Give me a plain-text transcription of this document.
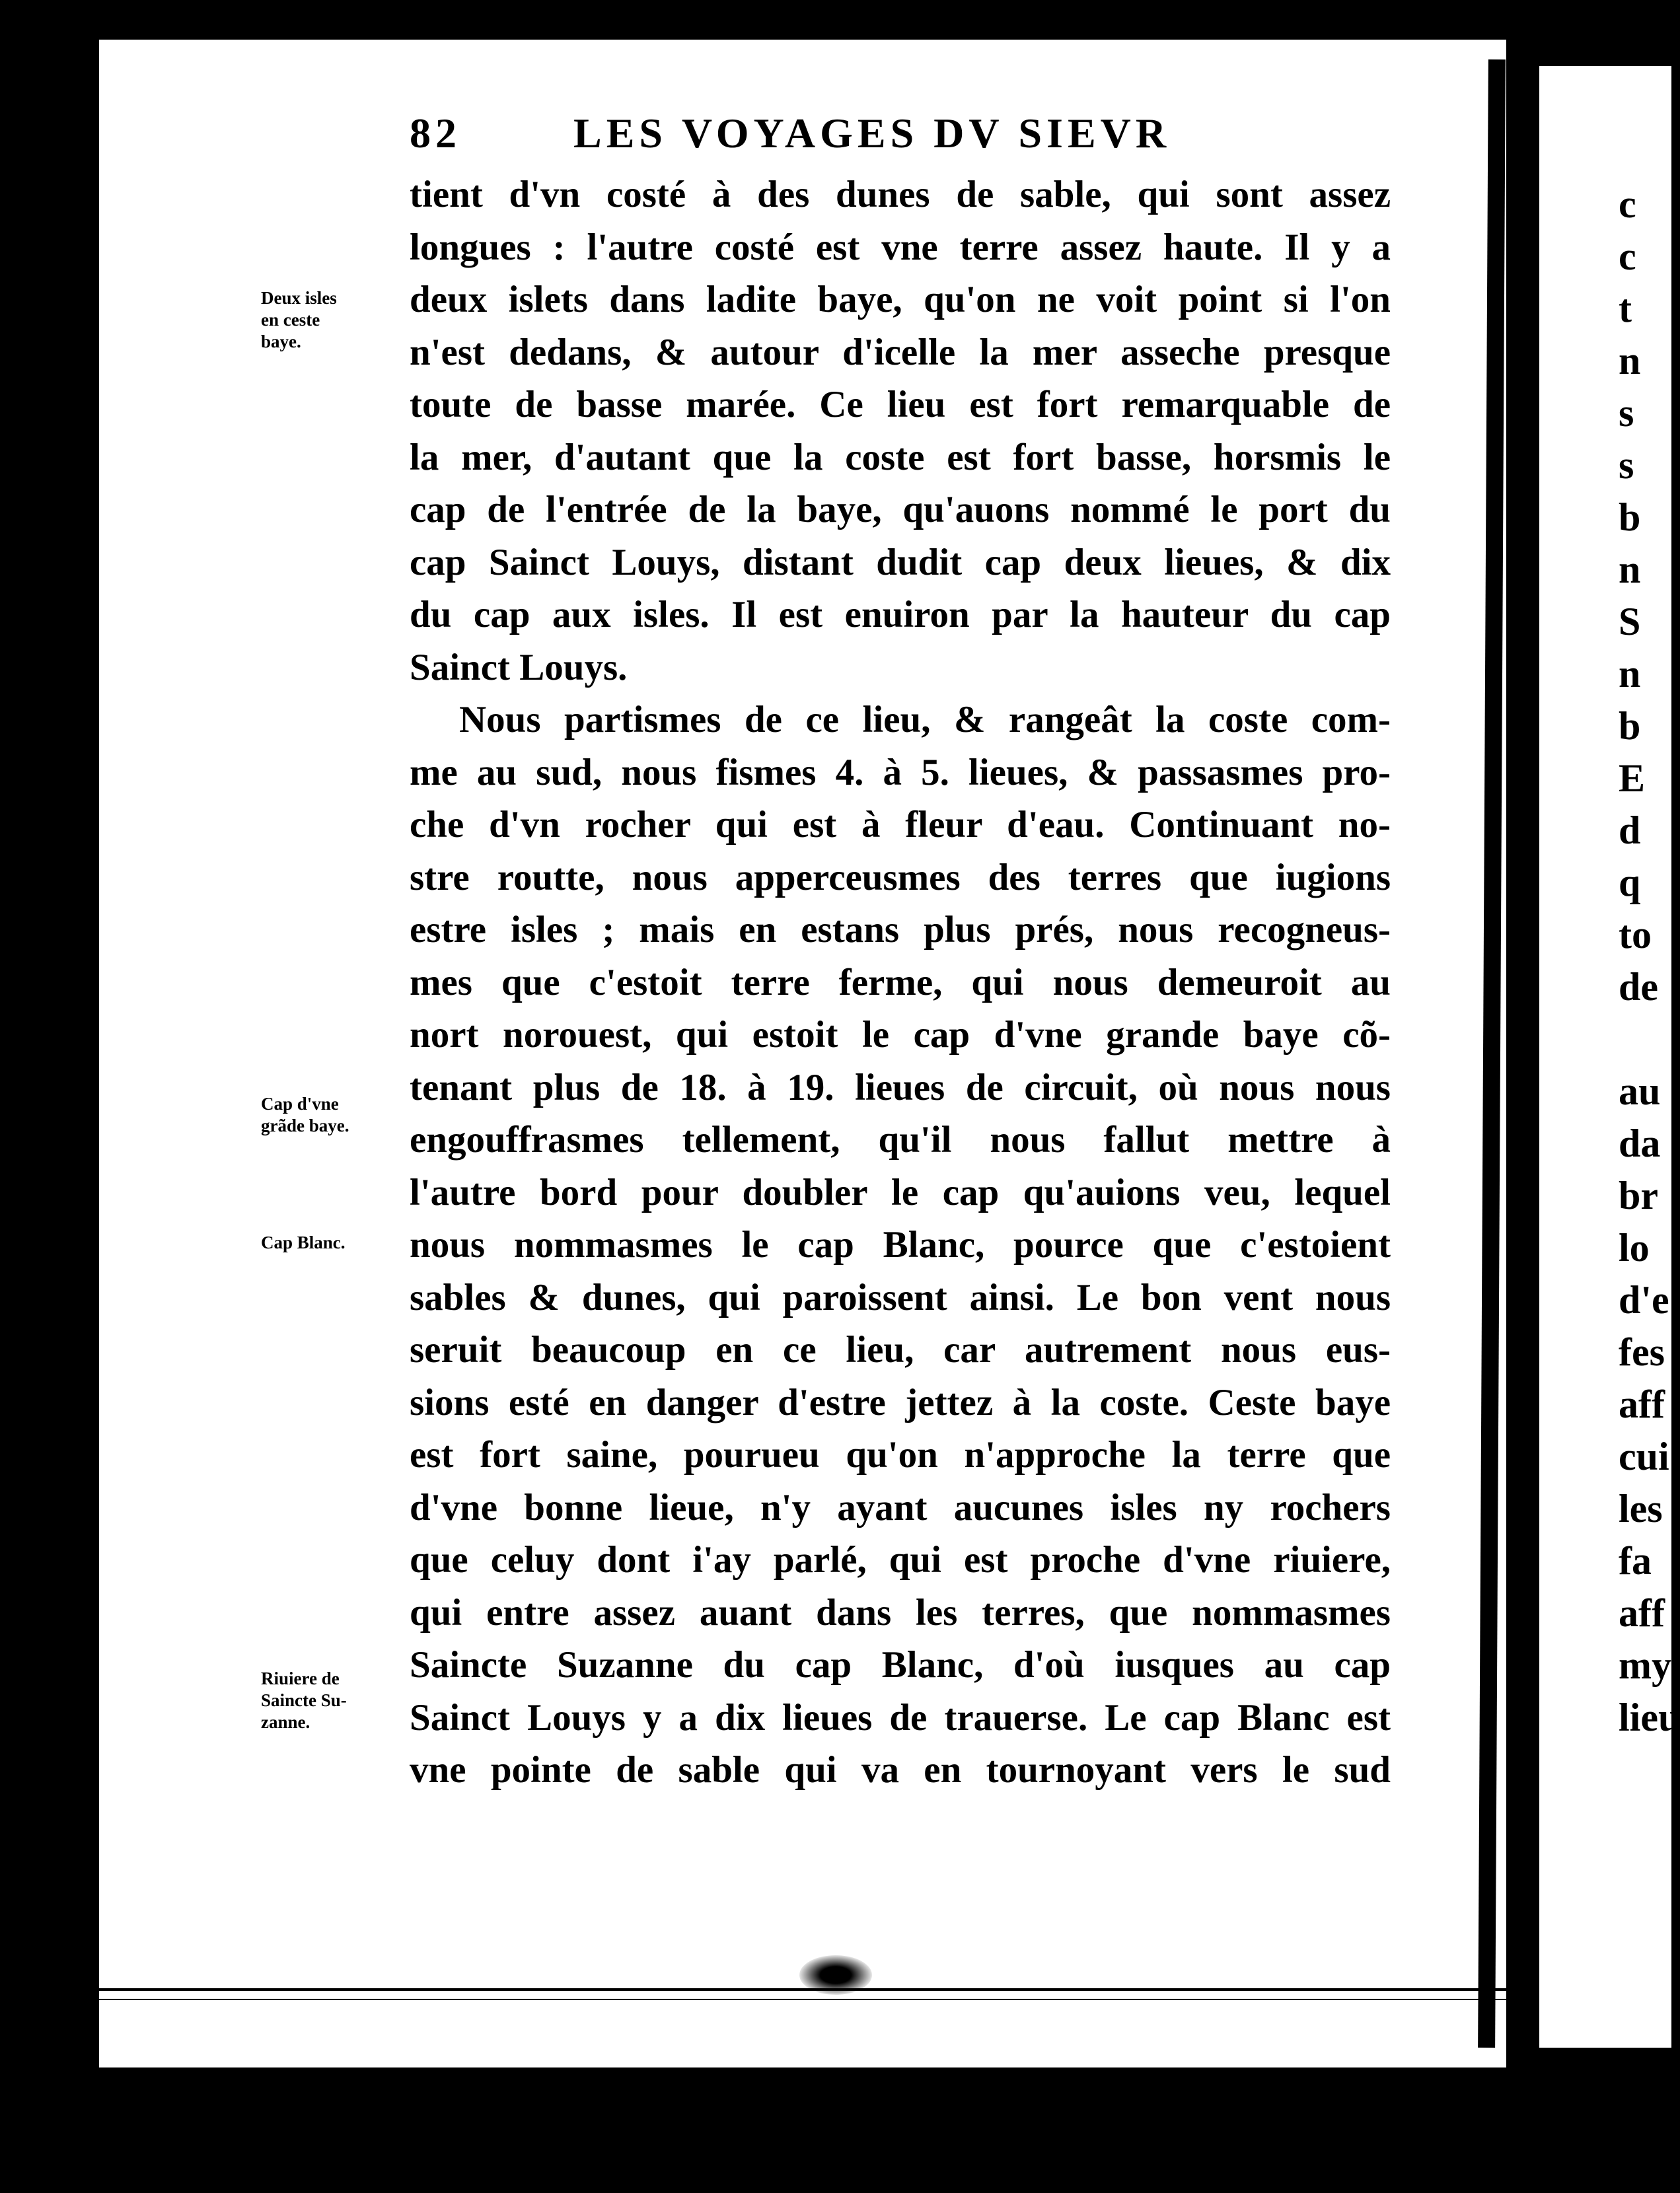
c
c
t
n
s
s
b
n
S
n
b
E
d
q
to
de

au
da
br
lo
d'e
fes
aff
cui
les
fa
aff
my
lieu
82	LES VOYAGES DV SIEVR
tient d'vn costé à des dunes de sable, qui sont assez
longues : l'autre costé est vne terre assez haute. Il y a
deux islets dans ladite baye, qu'on ne voit point si l'on
n'est dedans, & autour d'icelle la mer asseche presque
toute de basse marée. Ce lieu est fort remarquable de
la mer, d'autant que la coste est fort basse, horsmis le
cap de l'entrée de la baye, qu'auons nommé le port du
cap Sainct Louys, distant dudit cap deux lieues, & dix
du cap aux isles. Il est enuiron par la hauteur du cap
Sainct Louys.
Nous partismes de ce lieu, & rangeât la coste com-
me au sud, nous fismes 4. à 5. lieues, & passasmes pro-
che d'vn rocher qui est à fleur d'eau. Continuant no-
stre routte, nous apperceusmes des terres que iugions
estre isles ; mais en estans plus prés, nous recogneus-
mes que c'estoit terre ferme, qui nous demeuroit au
nort norouest, qui estoit le cap d'vne grande baye cõ-
tenant plus de 18. à 19. lieues de circuit, où nous nous
engouffrasmes tellement, qu'il nous fallut mettre à
l'autre bord pour doubler le cap qu'auions veu, lequel
nous nommasmes le cap Blanc, pource que c'estoient
sables & dunes, qui paroissent ainsi. Le bon vent nous
seruit beaucoup en ce lieu, car autrement nous eus-
sions esté en danger d'estre jettez à la coste. Ceste baye
est fort saine, pourueu qu'on n'approche la terre que
d'vne bonne lieue, n'y ayant aucunes isles ny rochers
que celuy dont i'ay parlé, qui est proche d'vne riuiere,
qui entre assez auant dans les terres, que nommasmes
Saincte Suzanne du cap Blanc, d'où iusques au cap
Sainct Louys y a dix lieues de trauerse. Le cap Blanc est
vne pointe de sable qui va en tournoyant vers le sud
Deux isles
en ceste
baye.
Cap d'vne
grãde baye.
Cap Blanc.
Riuiere de
Saincte Su-
zanne.
